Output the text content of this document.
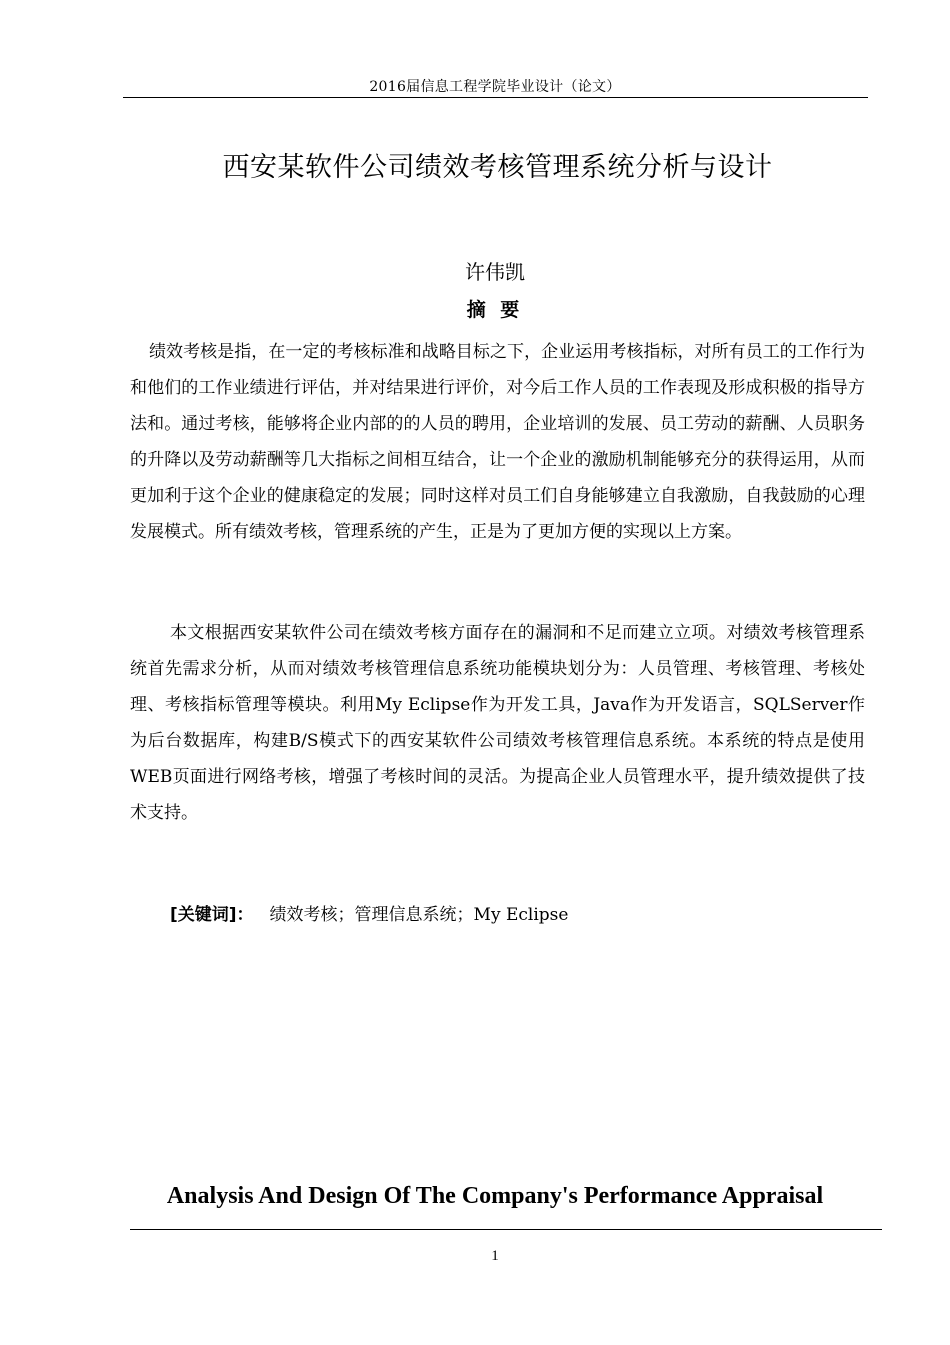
2016届信息工程学院毕业设计（论文）
西安某软件公司绩效考核管理系统分析与设计
许伟凯
摘 要

绩效考核是指，在一定的考核标准和战略目标之下，企业运用考核指标，对所有员工的工作行为和他们的工作业绩进行评估，并对结果进行评价，对今后工作人员的工作表现及形成积极的指导方法和。通过考核，能够将企业内部的的人员的聘用，企业培训的发展、员工劳动的薪酬、人员职务的升降以及劳动薪酬等几大指标之间相互结合，让一个企业的激励机制能够充分的获得运用，从而更加利于这个企业的健康稳定的发展；同时这样对员工们自身能够建立自我激励，自我鼓励的心理发展模式。所有绩效考核，管理系统的产生，正是为了更加方便的实现以上方案。

本文根据西安某软件公司在绩效考核方面存在的漏洞和不足而建立立项。对绩效考核管理系统首先需求分析，从而对绩效考核管理信息系统功能模块划分为：人员管理、考核管理、考核处理、考核指标管理等模块。利用My Eclipse作为开发工具，Java作为开发语言，SQLServer作为后台数据库，构建B/S模式下的西安某软件公司绩效考核管理信息系统。本系统的特点是使用WEB页面进行网络考核，增强了考核时间的灵活。为提高企业人员管理水平，提升绩效提供了技术支持。

[关键词]： 绩效考核；管理信息系统；My Eclipse
Analysis And Design Of The Company's Performance Appraisal
1
